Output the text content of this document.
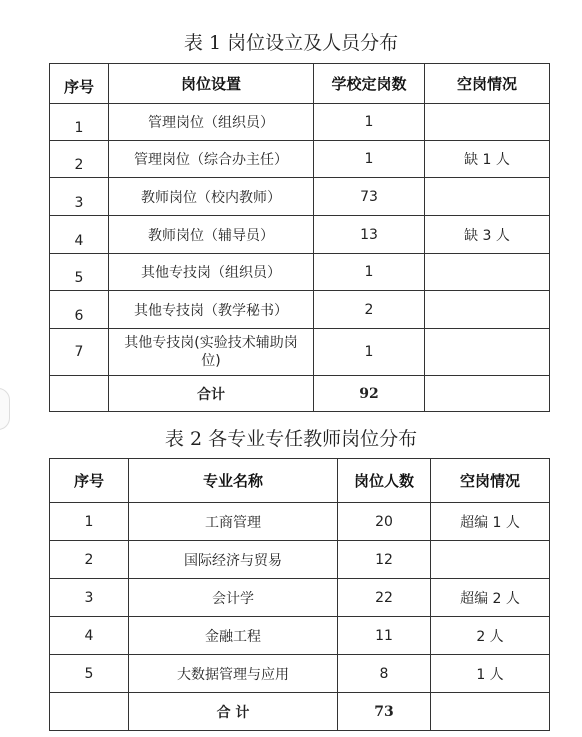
表 1 岗位设立及人员分布
序号	岗位设置	学校定岗数	空岗情况
1	管理岗位（组织员）	1	
2	管理岗位（综合办主任）	1	缺 1 人
3	教师岗位（校内教师）	73	
4	教师岗位（辅导员）	13	缺 3 人
5	其他专技岗（组织员）	1	
6	其他专技岗（教学秘书）	2	
7	其他专技岗(实验技术辅助岗位)	1	
	合计	92	
表 2 各专业专任教师岗位分布
序号	专业名称	岗位人数	空岗情况
1	工商管理	20	超编 1 人
2	国际经济与贸易	12	
3	会计学	22	超编 2 人
4	金融工程	11	2 人
5	大数据管理与应用	8	1 人
	合 计	73	
